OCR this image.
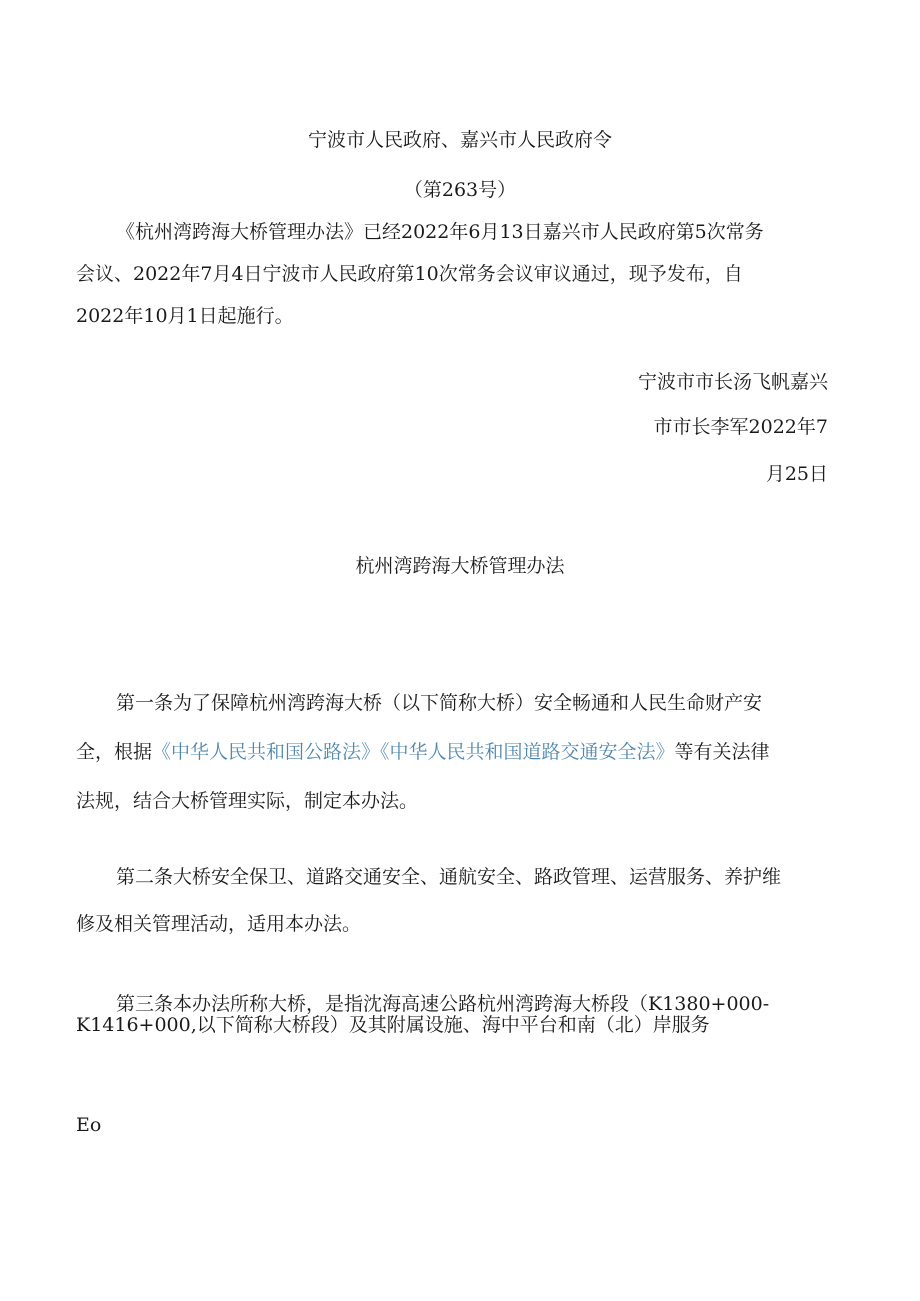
宁波市人民政府、嘉兴市人民政府令
（第263号）
《杭州湾跨海大桥管理办法》已经2022年6月13日嘉兴市人民政府第5次常务
会议、2022年7月4日宁波市人民政府第10次常务会议审议通过，现予发布，自
2022年10月1日起施行。
宁波市市长汤飞帆嘉兴
市市长李军2022年7
月25日
杭州湾跨海大桥管理办法
第一条为了保障杭州湾跨海大桥（以下简称大桥）安全畅通和人民生命财产安
全，根据《中华人民共和国公路法》《中华人民共和国道路交通安全法》等有关法律
法规，结合大桥管理实际，制定本办法。
第二条大桥安全保卫、道路交通安全、通航安全、路政管理、运营服务、养护维
修及相关管理活动，适用本办法。
第三条本办法所称大桥，是指沈海高速公路杭州湾跨海大桥段（K1380+000-
K1416+000,以下简称大桥段）及其附属设施、海中平台和南（北）岸服务
Eo
